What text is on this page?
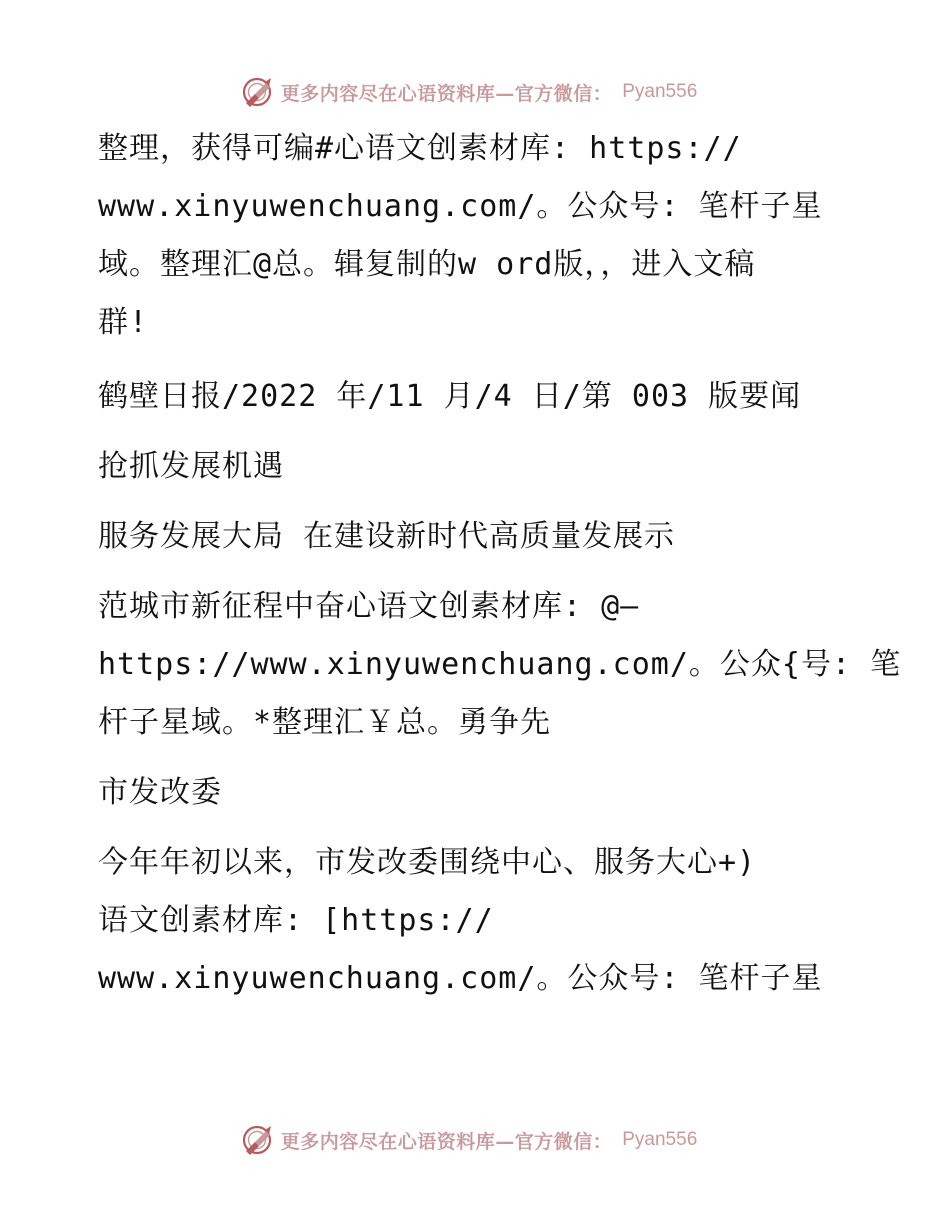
更多内容尽在心语资料库—官方微信： Pyan556

整理，获得可编#心语文创素材库: https://

www.xinyuwenchuang.com/。公众号: 笔杆子星

域。整理汇@总。辑复制的w ord版，，进入文稿

群!

鹤壁日报/2022 年/11 月/4 日/第 003 版要闻

抢抓发展机遇

服务发展大局 在建设新时代高质量发展示

范城市新征程中奋心语文创素材库: @—

https://www.xinyuwenchuang.com/。公众{号: 笔

杆子星域。*整理汇￥总。勇争先

市发改委

今年年初以来，市发改委围绕中心、服务大心+)

语文创素材库: [https://

www.xinyuwenchuang.com/。公众号: 笔杆子星

更多内容尽在心语资料库—官方微信： Pyan556
